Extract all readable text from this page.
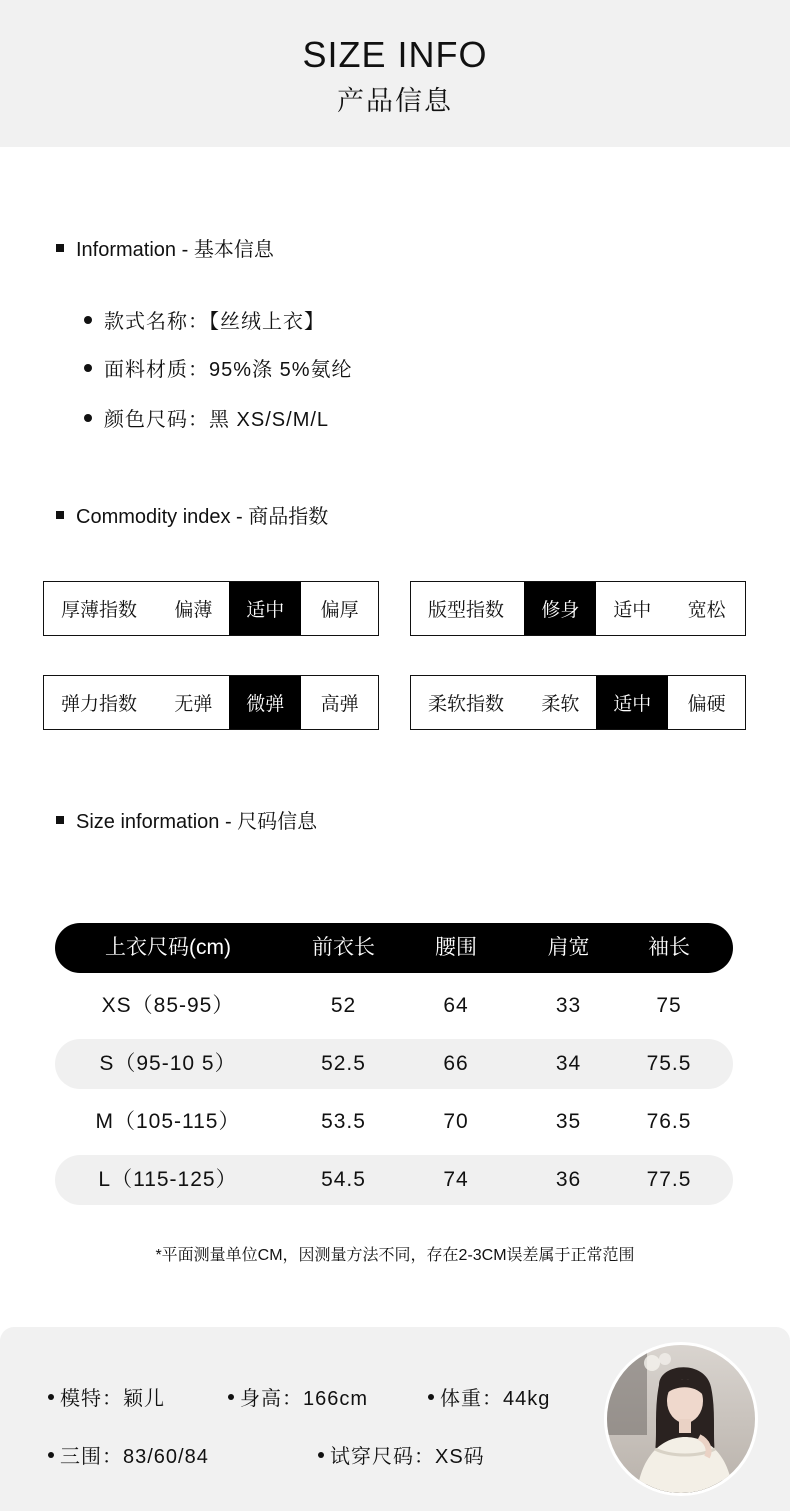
SIZE INFO
产品信息
Information - 基本信息
款式名称：【丝绒上衣】
面料材质：95%涤 5%氨纶
颜色尺码：黑 XS/S/M/L
Commodity index - 商品指数
厚薄指数	偏薄	适中	偏厚	版型指数	修身	适中	宽松
弹力指数	无弹	微弹	高弹	柔软指数	柔软	适中	偏硬
Size information - 尺码信息
上衣尺码(cm)	前衣长	腰围	肩宽	袖长
XS（85-95）	52	64	33	75
S（95-10 5）	52.5	66	34	75.5
M（105-115）	53.5	70	35	76.5
L（115-125）	54.5	74	36	77.5
*平面测量单位CM，因测量方法不同，存在2-3CM误差属于正常范围
模特：颖儿	身高：166cm	体重：44kg
三围：83/60/84	试穿尺码：XS码
